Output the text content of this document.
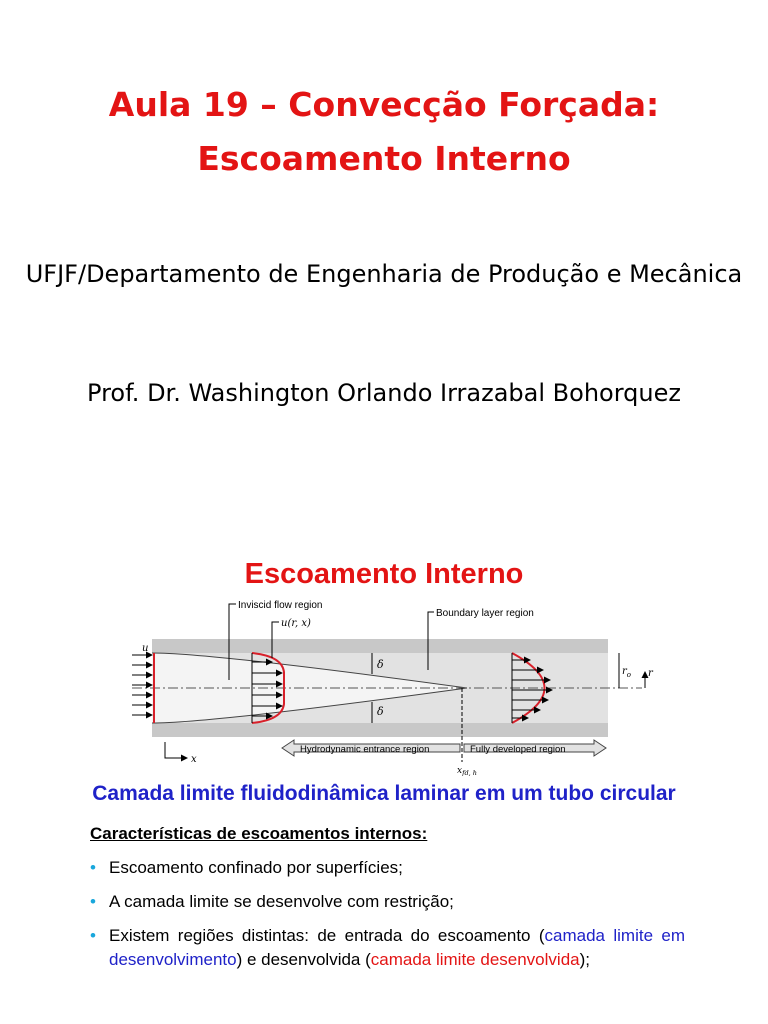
Aula 19 – Convecção Forçada:
Escoamento Interno
UFJF/Departamento de Engenharia de Produção e Mecânica
Prof. Dr. Washington Orlando Irrazabal Bohorquez
Escoamento Interno
u
δ
δ
Inviscid flow region
u(r, x)
Boundary layer region
$r_o$ r
x
Hydrodynamic entrance region	Fully developed region
$x_{fd, h}$
Camada limite fluidodinâmica laminar em um tubo circular
Características de escoamentos internos:
• Escoamento confinado por superfícies;
• A camada limite se desenvolve com restrição;
• Existem regiões distintas: de entrada do escoamento (camada limite em desenvolvimento) e desenvolvida (camada limite desenvolvida);
